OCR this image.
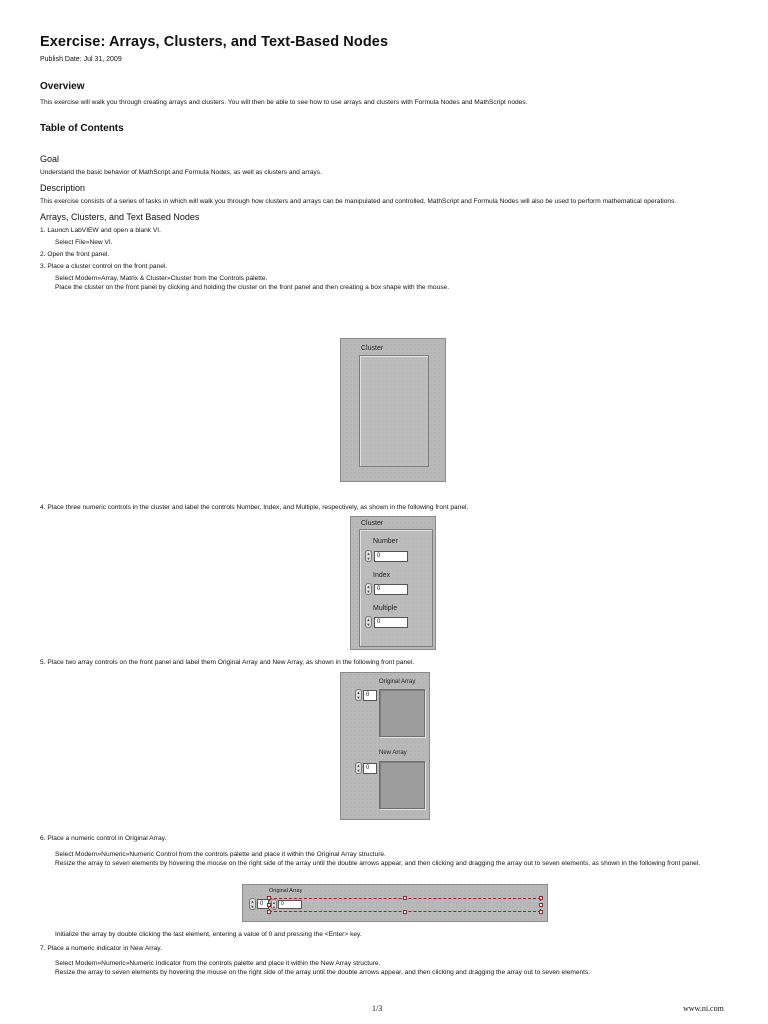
Exercise: Arrays, Clusters, and Text-Based Nodes
Publish Date: Jul 31, 2009
Overview

This exercise will walk you through creating arrays and clusters. You will then be able to see how to use arrays and clusters with Formula Nodes and MathScript nodes.

Table of Contents
Goal

Understand the basic behavior of MathScript and Formula Nodes, as well as clusters and arrays.

Description

This exercise consists of a series of tasks in which will walk you through how clusters and arrays can be manipulated and controlled. MathScript and Formula Nodes will also be used to perform mathematical operations.

Arrays, Clusters, and Text Based Nodes
1. Launch LabVIEW and open a blank VI.
Select File»New VI.
2. Open the front panel.
3. Place a cluster control on the front panel.
Select Modern»Array, Matrix & Cluster»Cluster from the Controls palette.
Place the cluster on the front panel by clicking and holding the cluster on the front panel and then creating a box shape with the mouse.
Cluster
4. Place three numeric controls in the cluster and label the controls Number, Index, and Multiple, respectively, as shown in the following front panel.
Cluster
Number
▲
▼	0
Index
▲
▼	0
Multiple
▲
▼	0
5. Place two array controls on the front panel and label them Original Array and New Array, as shown in the following front panel.
Original Array
▲
▼ 0
New Array
▲
▼ 0
6. Place a numeric control in Original Array.
Select Modern»Numeric»Numeric Control from the controls palette and place it within the Original Array structure.
Resize the array to seven elements by hovering the mouse on the right side of the array until the double arrows appear, and then clicking and dragging the array out to seven elements, as shown in the following front panel.
Original Array
▲
▼ 0	▲
▼
0
Initialize the array by double clicking the last element, entering a value of 0 and pressing the <Enter> key.
7. Place a numeric indicator in New Array.
Select Modern»Numeric»Numeric Indicator from the controls palette and place it within the New Array structure.
Resize the array to seven elements by hovering the mouse on the right side of the array until the double arrows appear, and then clicking and dragging the array out to seven elements.
1/3	www.ni.com
